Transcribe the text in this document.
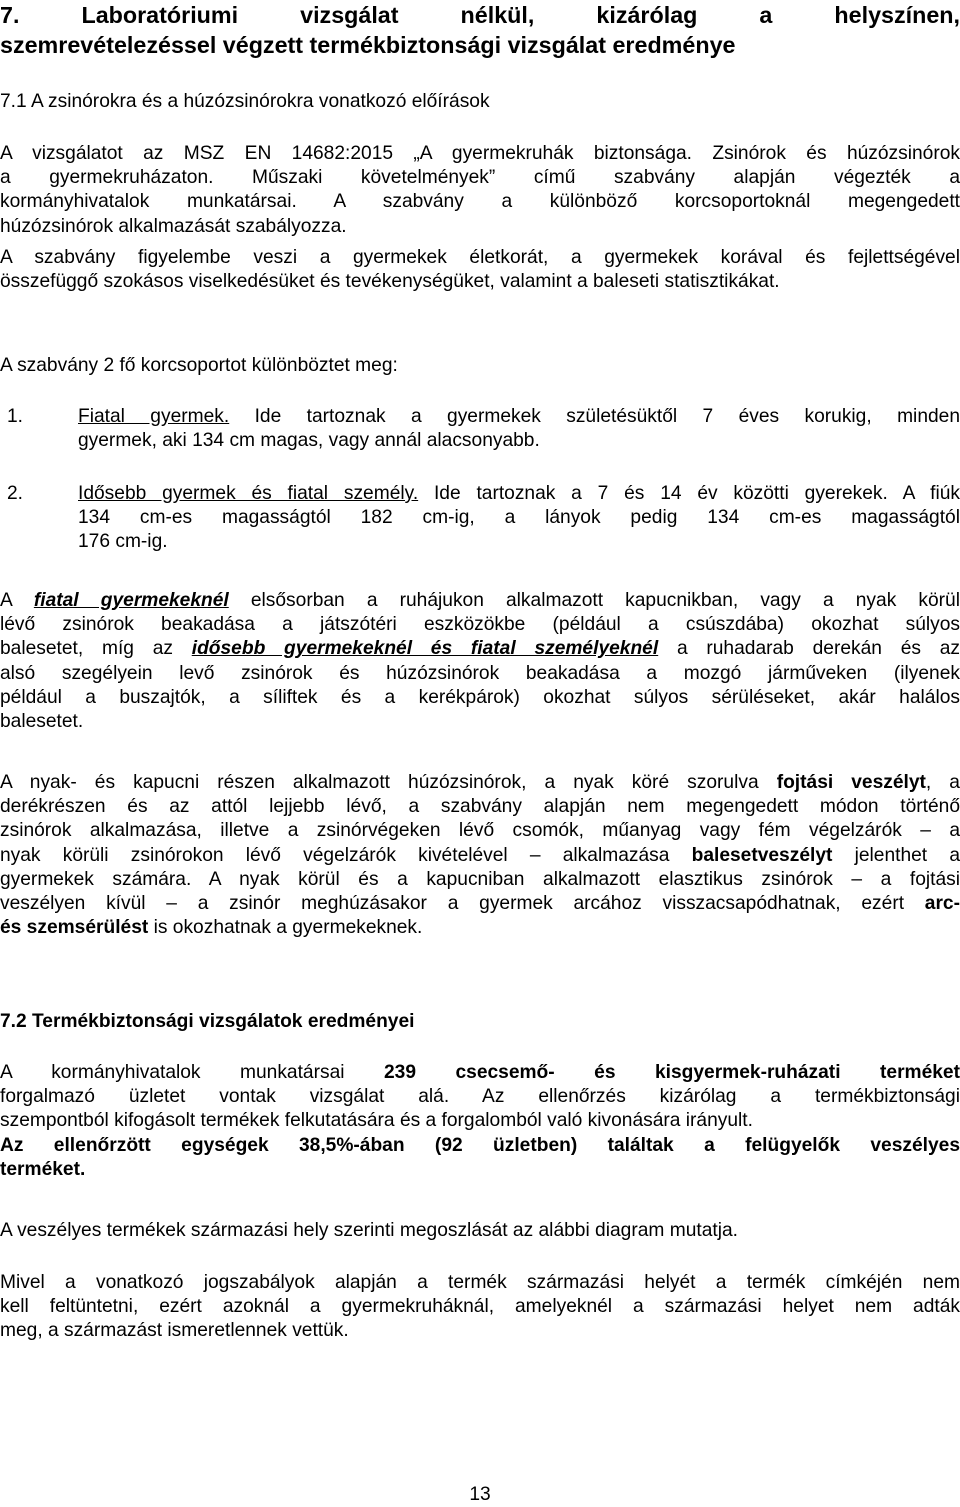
7. Laboratóriumi vizsgálat nélkül, kizárólag a helyszínen,
szemrevételezéssel végzett termékbiztonsági vizsgálat eredménye
7.1 A zsinórokra és a húzózsinórokra vonatkozó előírások
A vizsgálatot az MSZ EN 14682:2015 „A gyermekruhák biztonsága. Zsinórok és húzózsinórok
a gyermekruházaton. Műszaki követelmények” című szabvány alapján végezték a
kormányhivatalok munkatársai. A szabvány a különböző korcsoportoknál megengedett
húzózsinórok alkalmazását szabályozza.
A szabvány figyelembe veszi a gyermekek életkorát, a gyermekek korával és fejlettségével
összefüggő szokásos viselkedésüket és tevékenységüket, valamint a baleseti statisztikákat.
A szabvány 2 fő korcsoportot különböztet meg:
1.	Fiatal gyermek. Ide tartoznak a gyermekek születésüktől 7 éves korukig, minden
gyermek, aki 134 cm magas, vagy annál alacsonyabb.
2.	Idősebb gyermek és fiatal személy. Ide tartoznak a 7 és 14 év közötti gyerekek. A fiúk
134 cm-es magasságtól 182 cm-ig, a lányok pedig 134 cm-es magasságtól
176 cm-ig.
A fiatal gyermekeknél elsősorban a ruhájukon alkalmazott kapucnikban, vagy a nyak körül
lévő zsinórok beakadása a játszótéri eszközökbe (például a csúszdába) okozhat súlyos
balesetet, míg az idősebb gyermekeknél és fiatal személyeknél a ruhadarab derekán és az
alsó szegélyein levő zsinórok és húzózsinórok beakadása a mozgó járműveken (ilyenek
például a buszajtók, a síliftek és a kerékpárok) okozhat súlyos sérüléseket, akár halálos
balesetet.
A nyak- és kapucni részen alkalmazott húzózsinórok, a nyak köré szorulva fojtási veszélyt, a
derékrészen és az attól lejjebb lévő, a szabvány alapján nem megengedett módon történő
zsinórok alkalmazása, illetve a zsinórvégeken lévő csomók, műanyag vagy fém végelzárók – a
nyak körüli zsinórokon lévő végelzárók kivételével – alkalmazása balesetveszélyt jelenthet a
gyermekek számára. A nyak körül és a kapucniban alkalmazott elasztikus zsinórok – a fojtási
veszélyen kívül – a zsinór meghúzásakor a gyermek arcához visszacsapódhatnak, ezért arc-
és szemsérülést is okozhatnak a gyermekeknek.
7.2 Termékbiztonsági vizsgálatok eredményei
A kormányhivatalok munkatársai 239 csecsemő- és kisgyermek-ruházati terméket
forgalmazó üzletet vontak vizsgálat alá. Az ellenőrzés kizárólag a termékbiztonsági
szempontból kifogásolt termékek felkutatására és a forgalomból való kivonására irányult.
Az ellenőrzött egységek 38,5%-ában (92 üzletben) találtak a felügyelők veszélyes
terméket.
A veszélyes termékek származási hely szerinti megoszlását az alábbi diagram mutatja.
Mivel a vonatkozó jogszabályok alapján a termék származási helyét a termék címkéjén nem
kell feltüntetni, ezért azoknál a gyermekruháknál, amelyeknél a származási helyet nem adták
meg, a származást ismeretlennek vettük.
13
